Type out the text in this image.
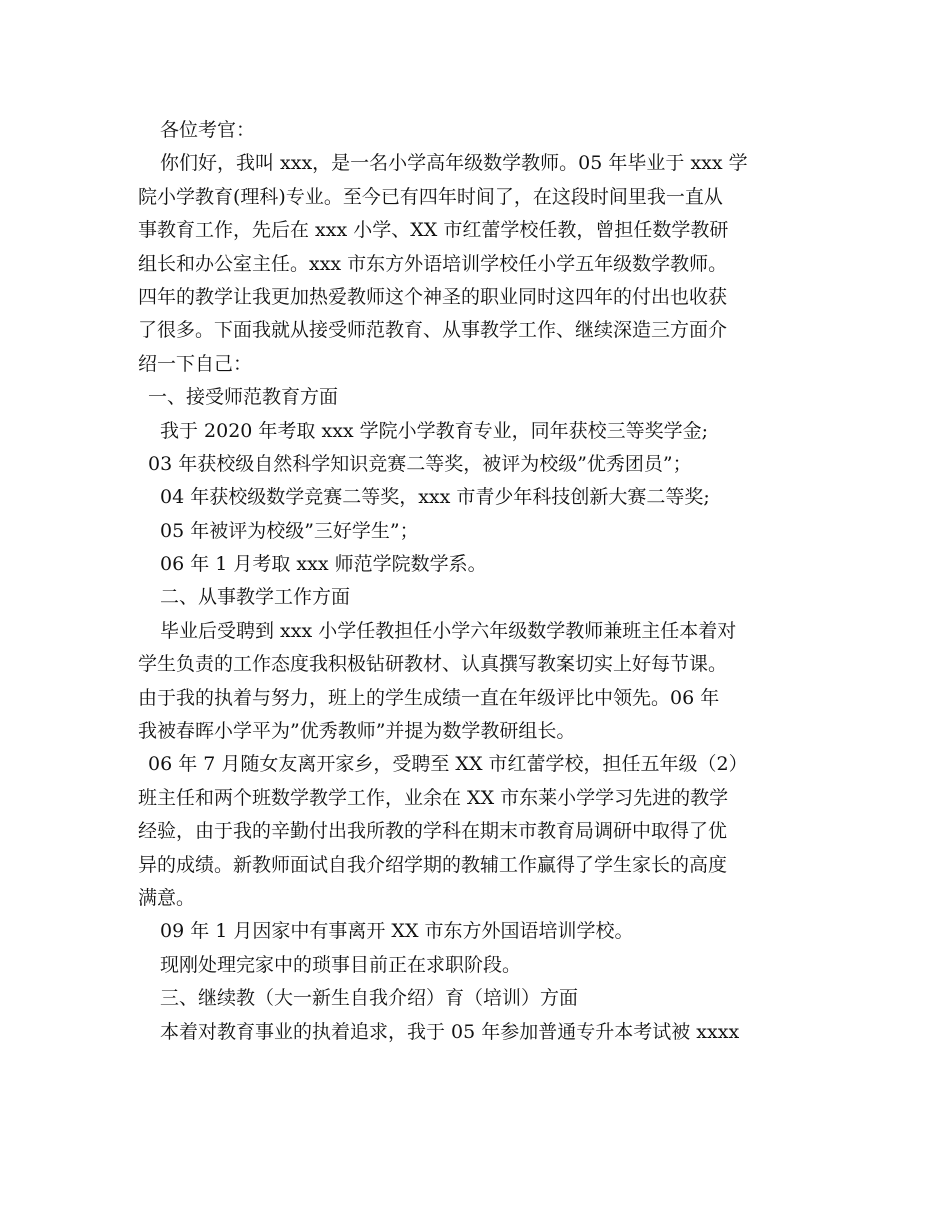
各位考官：
你们好，我叫 xxx，是一名小学高年级数学教师。05 年毕业于 xxx 学
院小学教育(理科)专业。至今已有四年时间了，在这段时间里我一直从
事教育工作，先后在 xxx 小学、XX 市红蕾学校任教，曾担任数学教研
组长和办公室主任。xxx 市东方外语培训学校任小学五年级数学教师。
四年的教学让我更加热爱教师这个神圣的职业同时这四年的付出也收获
了很多。下面我就从接受师范教育、从事教学工作、继续深造三方面介
绍一下自己：
一、接受师范教育方面
我于 2020 年考取 xxx 学院小学教育专业，同年获校三等奖学金;
03 年获校级自然科学知识竞赛二等奖，被评为校级”优秀团员”；
04 年获校级数学竞赛二等奖，xxx 市青少年科技创新大赛二等奖;
05 年被评为校级”三好学生”；
06 年 1 月考取 xxx 师范学院数学系。
二、从事教学工作方面
毕业后受聘到 xxx 小学任教担任小学六年级数学教师兼班主任本着对
学生负责的工作态度我积极钻研教材、认真撰写教案切实上好每节课。
由于我的执着与努力，班上的学生成绩一直在年级评比中领先。06 年
我被春晖小学平为”优秀教师”并提为数学教研组长。
06 年 7 月随女友离开家乡，受聘至 XX 市红蕾学校，担任五年级（2）
班主任和两个班数学教学工作，业余在 XX 市东莱小学学习先进的教学
经验，由于我的辛勤付出我所教的学科在期末市教育局调研中取得了优
异的成绩。新教师面试自我介绍学期的教辅工作赢得了学生家长的高度
满意。
09 年 1 月因家中有事离开 XX 市东方外国语培训学校。
现刚处理完家中的琐事目前正在求职阶段。
三、继续教（大一新生自我介绍）育（培训）方面
本着对教育事业的执着追求，我于 05 年参加普通专升本考试被 xxxx
